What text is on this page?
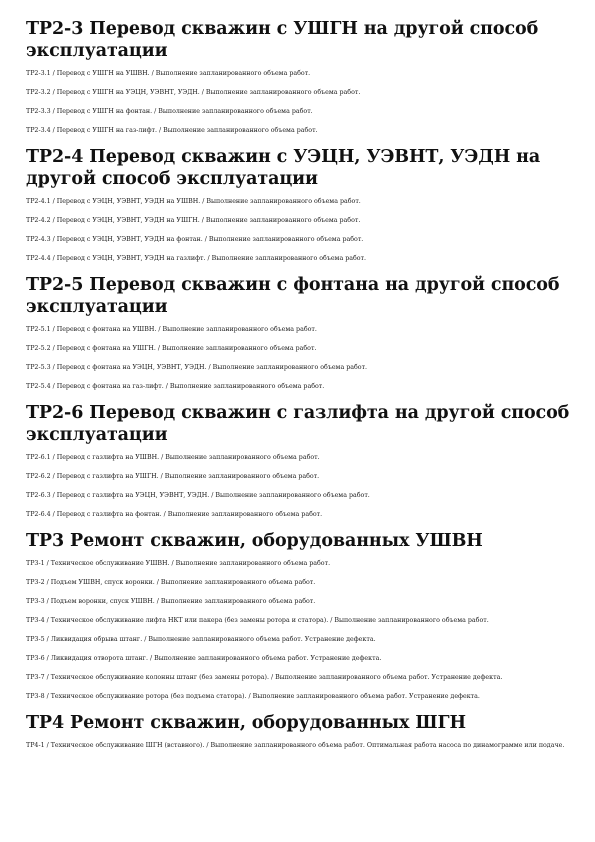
ТР2-3 Перевод скважин с УШГН на другой способ эксплуатации

ТР2-3.1 / Перевод с УШГН на УШВН. / Выполнение запланированного объема работ.

ТР2-3.2 / Перевод с УШГН на УЭЦН, УЭВНТ, УЭДН. / Выполнение запланированного объема работ.

ТР2-3.3 / Перевод с УШГН на фонтан. / Выполнение запланированного объема работ.

ТР2-3.4 / Перевод с УШГН на газ-лифт. / Выполнение запланированного объема работ.

ТР2-4 Перевод скважин с УЭЦН, УЭВНТ, УЭДН на другой способ эксплуатации

ТР2-4.1 / Перевод с УЭЦН, УЭВНТ, УЭДН на УШВН. / Выполнение запланированного объема работ.

ТР2-4.2 / Перевод с УЭЦН, УЭВНТ, УЭДН на УШГН. / Выполнение запланированного объема работ.

ТР2-4.3 / Перевод с УЭЦН, УЭВНТ, УЭДН на фонтан. / Выполнение запланированного объема работ.

ТР2-4.4 / Перевод с УЭЦН, УЭВНТ, УЭДН на газлифт. / Выполнение запланированного объема работ.

ТР2-5 Перевод скважин с фонтана на другой способ эксплуатации

ТР2-5.1 / Перевод с фонтана на УШВН. / Выполнение запланированного объема работ.

ТР2-5.2 / Перевод с фонтана на УШГН. / Выполнение запланированного объема работ.

ТР2-5.3 / Перевод с фонтана на УЭЦН, УЭВНТ, УЭДН. / Выполнение запланированного объема работ.

ТР2-5.4 / Перевод с фонтана на газ-лифт. / Выполнение запланированного объема работ.

ТР2-6 Перевод скважин с газлифта на другой способ эксплуатации

ТР2-6.1 / Перевод с газлифта на УШВН. / Выполнение запланированного объема работ.

ТР2-6.2 / Перевод с газлифта на УШГН. / Выполнение запланированного объема работ.

ТР2-6.3 / Перевод с газлифта на УЭЦН, УЭВНТ, УЭДН. / Выполнение запланированного объема работ.

ТР2-6.4 / Перевод с газлифта на фонтан. / Выполнение запланированного объема работ.

ТР3 Ремонт скважин, оборудованных УШВН

ТР3-1 / Техническое обслуживание УШВН. / Выполнение запланированного объема работ.

ТР3-2 / Подъем УШВН, спуск воронки. / Выполнение запланированного объема работ.

ТР3-3 / Подъем воронки, спуск УШВН. / Выполнение запланированного объема работ.

ТР3-4 / Техническое обслуживание лифта НКТ или пакера (без замены ротора и статора). / Выполнение запланированного объема работ.

ТР3-5 / Ликвидация обрыва штанг. / Выполнение запланированного объема работ. Устранение дефекта.

ТР3-6 / Ликвидация отворота штанг. / Выполнение запланированного объема работ. Устранение дефекта.

ТР3-7 / Техническое обслуживание колонны штанг (без замены ротора). / Выполнение запланированного объема работ. Устранение дефекта.

ТР3-8 / Техническое обслуживание ротора (без подъема статора). / Выполнение запланированного объема работ. Устранение дефекта.

ТР4 Ремонт скважин, оборудованных ШГН

ТР4-1 / Техническое обслуживание ШГН (вставного). / Выполнение запланированного объема работ. Оптимальная работа насоса по динамограмме или подаче.
